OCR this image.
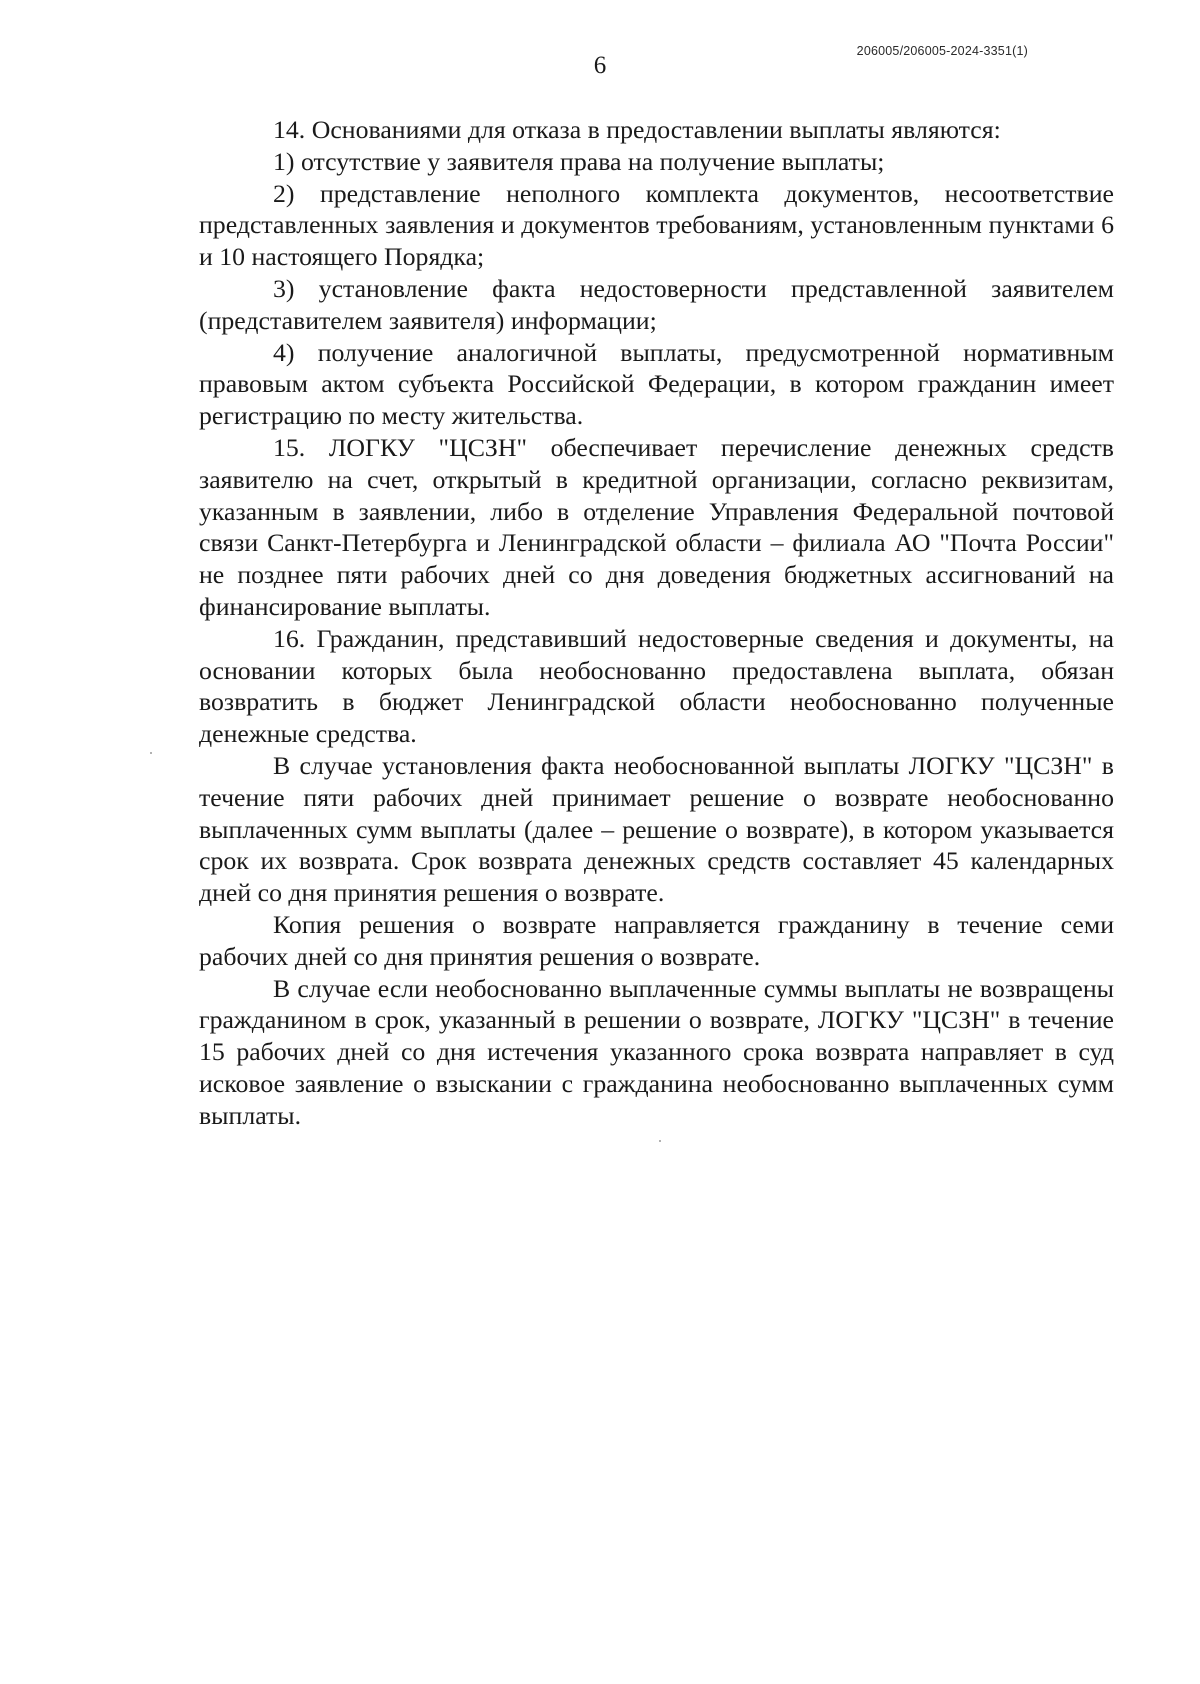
206005/206005-2024-3351(1)
6

14. Основаниями для отказа в предоставлении выплаты являются:

1) отсутствие у заявителя права на получение выплаты;

2) представление неполного комплекта документов, несоответствие представленных заявления и документов требованиям, установленным пунктами 6 и 10 настоящего Порядка;

3) установление факта недостоверности представленной заявителем (представителем заявителя) информации;

4) получение аналогичной выплаты, предусмотренной нормативным правовым актом субъекта Российской Федерации, в котором гражданин имеет регистрацию по месту жительства.

15. ЛОГКУ "ЦСЗН" обеспечивает перечисление денежных средств заявителю на счет, открытый в кредитной организации, согласно реквизитам, указанным в заявлении, либо в отделение Управления Федеральной почтовой связи Санкт-Петербурга и Ленинградской области – филиала АО "Почта России" не позднее пяти рабочих дней со дня доведения бюджетных ассигнований на финансирование выплаты.

16. Гражданин, представивший недостоверные сведения и документы, на основании которых была необоснованно предоставлена выплата, обязан возвратить в бюджет Ленинградской области необоснованно полученные денежные средства.

В случае установления факта необоснованной выплаты ЛОГКУ "ЦСЗН" в течение пяти рабочих дней принимает решение о возврате необоснованно выплаченных сумм выплаты (далее – решение о возврате), в котором указывается срок их возврата. Срок возврата денежных средств составляет 45 календарных дней со дня принятия решения о возврате.

Копия решения о возврате направляется гражданину в течение семи рабочих дней со дня принятия решения о возврате.

В случае если необоснованно выплаченные суммы выплаты не возвращены гражданином в срок, указанный в решении о возврате, ЛОГКУ "ЦСЗН" в течение 15 рабочих дней со дня истечения указанного срока возврата направляет в суд исковое заявление о взыскании с гражданина необоснованно выплаченных сумм выплаты.
